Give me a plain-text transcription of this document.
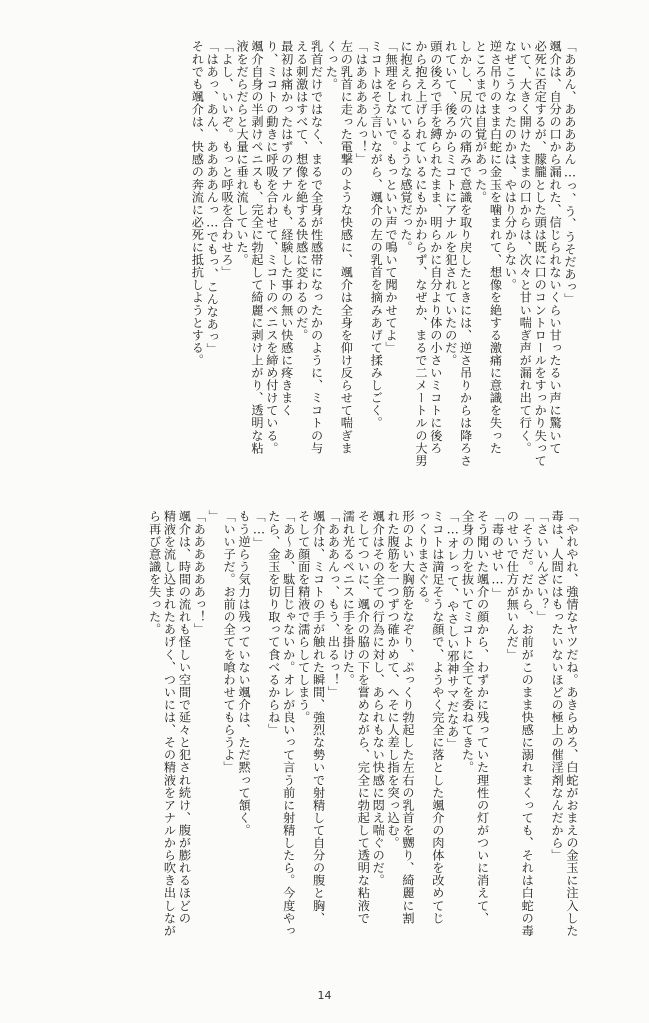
「ああん、ああああん…っ、う、うそだあっ」
颯介は、自分の口から漏れた、信じられないくらい甘ったるい声に驚いて
必死に否定するが、朦朧とした頭は既に口のコントロールをすっかり失って
いて、大きく開けたままの口からは、次々と甘い喘ぎ声が漏れ出て行く。
なぜこうなったのかは、やはり分からない。
逆さ吊りのまま白蛇に金玉を噛まれて、想像を絶する激痛に意識を失った
ところまでは自覚があった。
しかし、尻の穴の痛みで意識を取り戻したときには、逆さ吊りからは降ろさ
れていて、後ろからミコトにアナルを犯されていたのだ。
頭の後ろで手を縛られたまま、明らかに自分より体の小さいミコトに後ろ
から抱え上げられているにもかかわらず、なぜか、まるで二メートルの大男
に抱えられているような感覚だった。
「無理をしないで。もっといい声で鳴いて聞かせてよ」
ミコトはそう言いながら、颯介の左の乳首を摘みあげて揉みしごく。
「はああああんっ！」
左の乳首に走った電撃のような快感に、颯介は全身を仰け反らせて喘ぎま
くった。
乳首だけではなく、まるで全身が性感帯になったかのように、ミコトの与
える刺激はすべて、想像を絶する快感に変わるのだ。
最初は痛かったはずのアナルも、経験した事の無い快感に疼きまく
り、ミコトの動きに呼吸を合わせて、ミコトのペニスを締め付けている。
颯介自身の半剥けペニスも、完全に勃起して綺麗に剥け上がり、透明な粘
液をだらだらと大量に垂れ流していた。
「よし、いいぞ。もっと呼吸を合わせろ」
「はあっ、あん、ああああんっ…でもっ、こんなあっ」
それでも颯介は、快感の奔流に必死に抵抗しようとする。
「やれやれ、強情なヤツだね。あきらめろ、白蛇がおまえの金玉に注入した
毒は、人間にはもったいないほどの極上の催淫剤なんだから」
「さいいんざい？」
「そうだ。だから、お前がこのまま快感に溺れまくっても、それは白蛇の毒
のせいで仕方が無いんだ」
「毒のせい…」
そう聞いた颯介の顔から、わずかに残っていた理性の灯がついに消えて、
全身の力を抜いてミコトに全てを委ねてきた。
「…オレって、やさしい邪神サマだなあ」
ミコトは満足そうな顔で、ようやく完全に落とした颯介の肉体を改めてじ
っくりまさぐる。
形のよい大胸筋をなぞり、ぷっくり勃起した左右の乳首を嬲り、綺麗に割
れた腹筋を一つずつ確かめて、へそに人差し指を突っ込む。
颯介はその全ての行為に対し、あられもない快感に悶え喘ぐのだ。
そしてついに、颯介の脇の下を嘗めながら、完全に勃起して透明な粘液で
濡れ光るペニスに手を掛けた。
「あああんっ、もう、出るっ！」
颯介は、ミコトの手が触れた瞬間、強烈な勢いで射精して自分の腹と胸、
そして顔面を精液で濡らしてしまう。
「あ〜あ、駄目じゃないか。オレが良いって言う前に射精したら。今度やっ
たら、金玉を切り取って食べるからね」
「…」
もう逆らう気力は残っていない颯介は、ただ黙って頷く。
「いい子だ。お前の全てを喰わせてもらうよ」
」
「ああああああっ！」
颯介は、時間の流れも怪しい空間で延々と犯され続け、腹が膨れるほどの
精液を流し込まれたあげく、ついには、その精液をアナルから吹き出しなが
ら再び意識を失った。
14
